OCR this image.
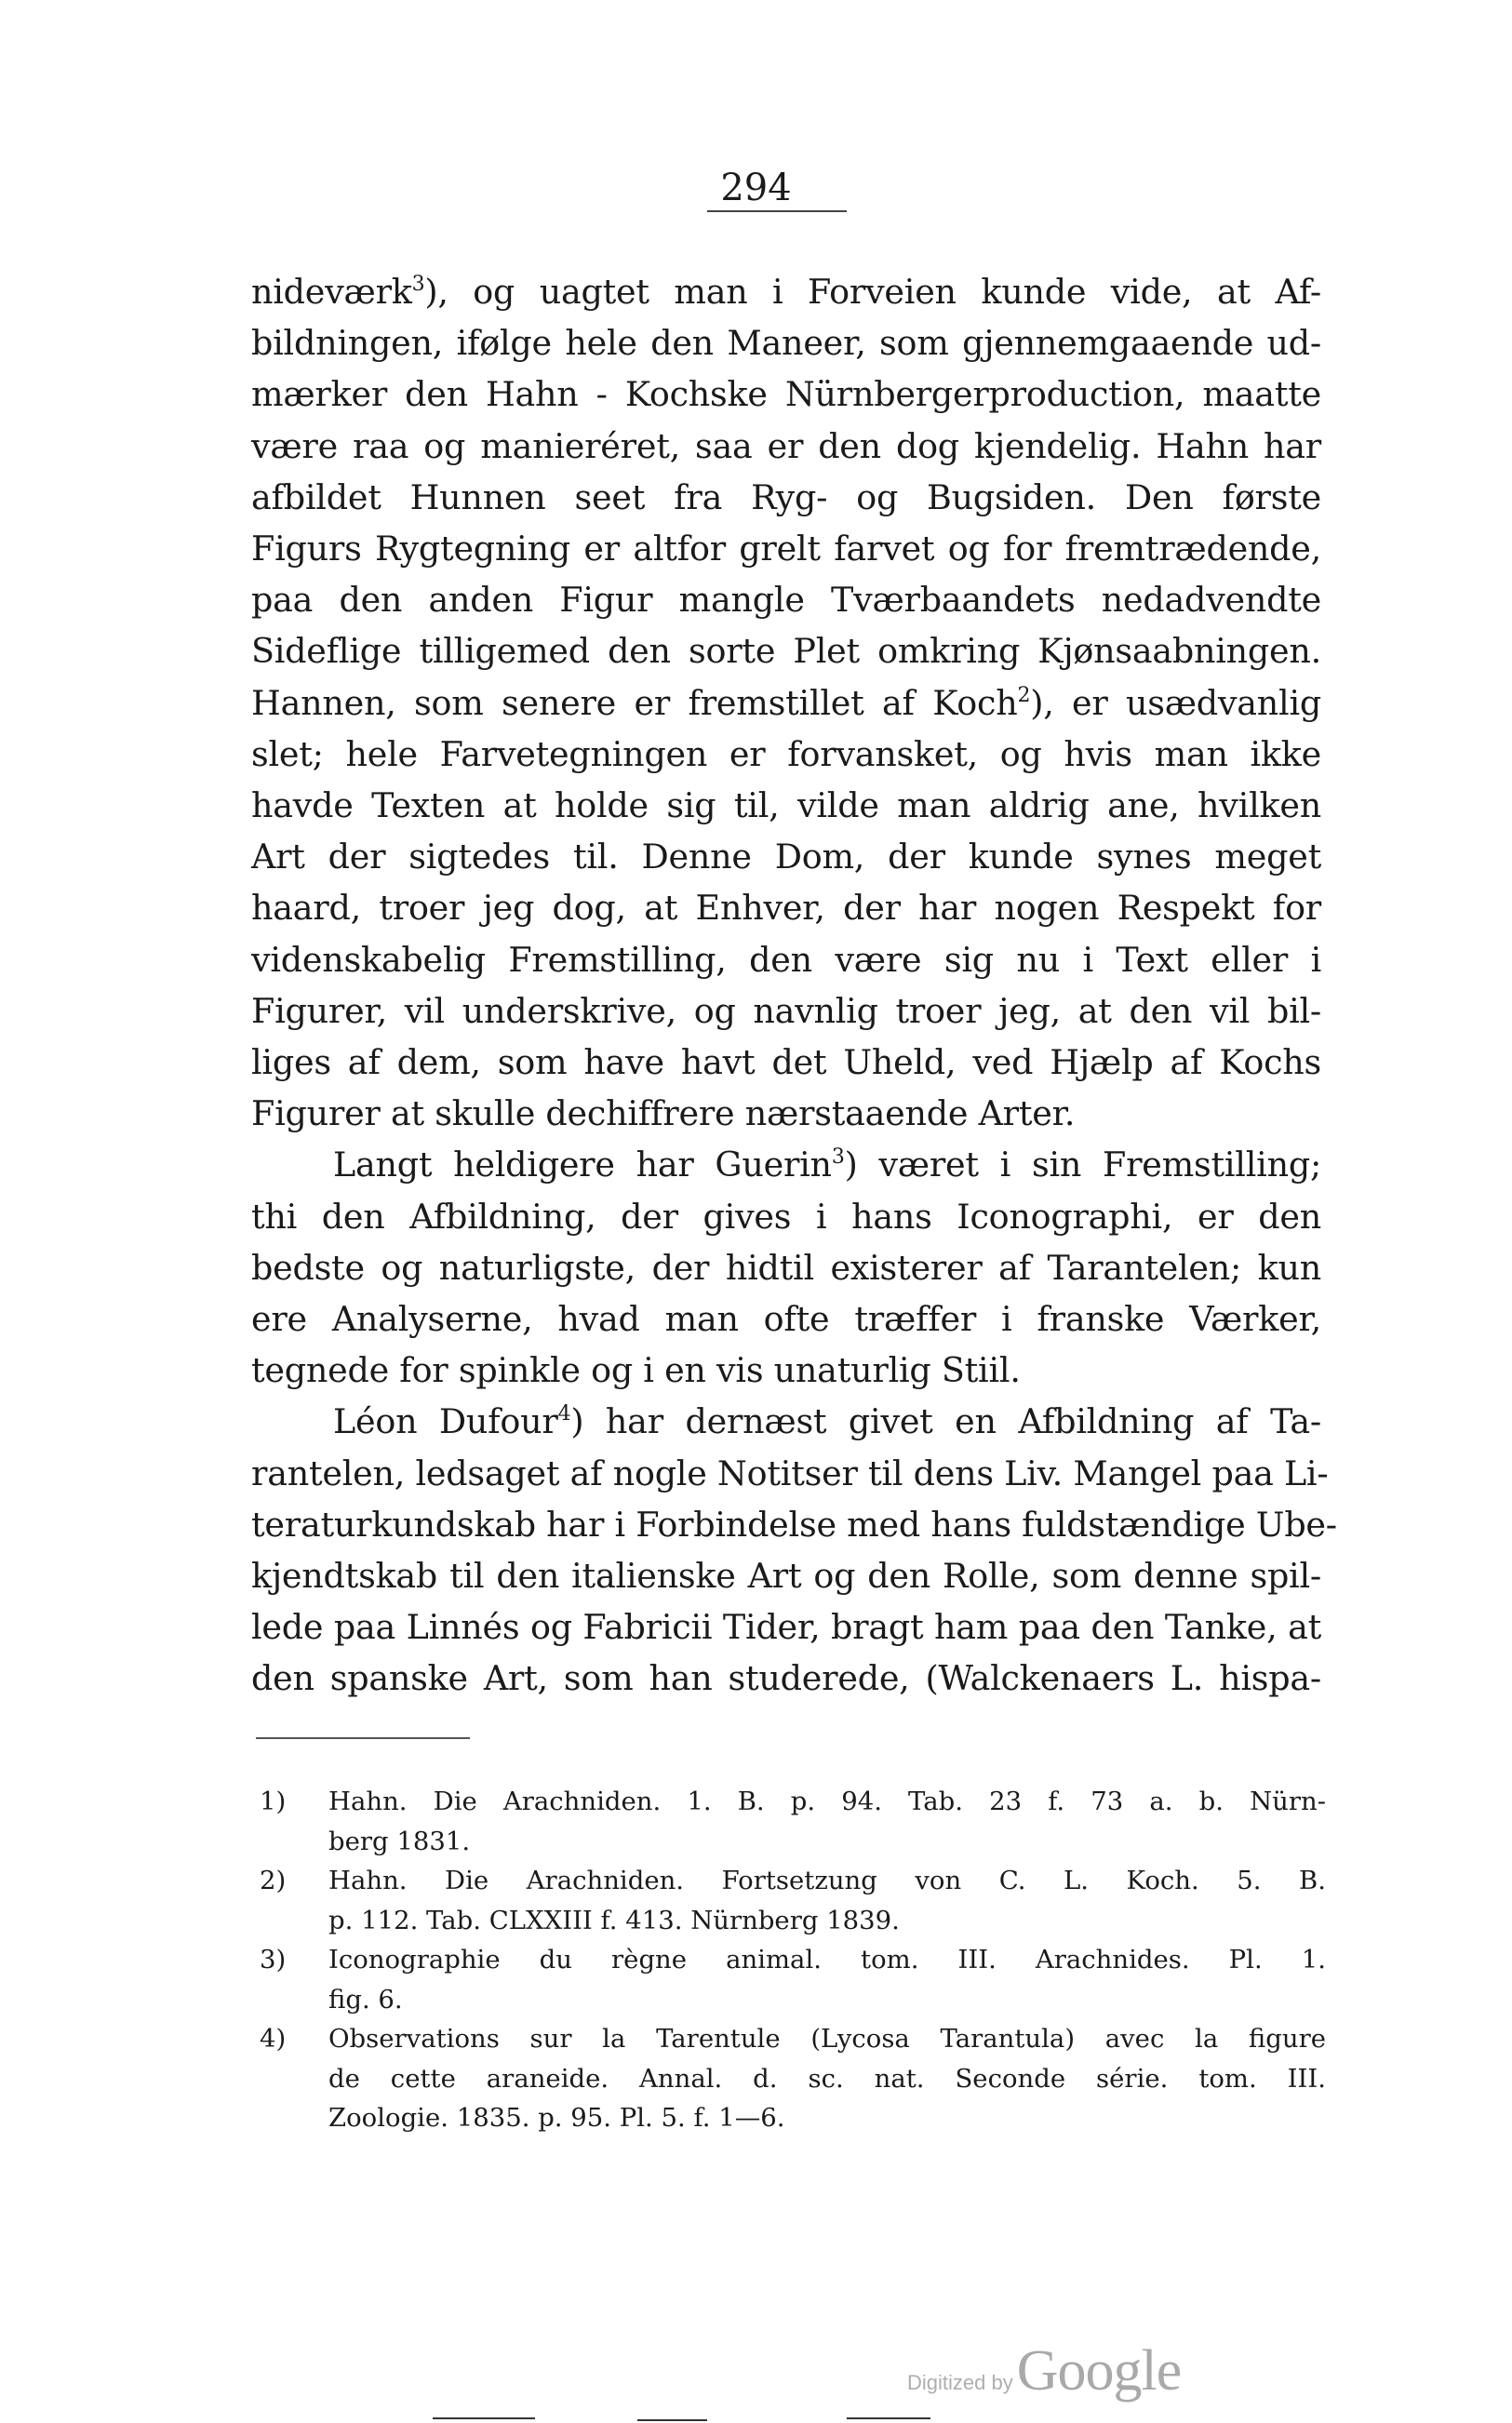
294
nideværk$^3$), og uagtet man i Forveien kunde vide, at Af-
bildningen, ifølge hele den Maneer, som gjennemgaaende ud-
mærker den Hahn - Kochske Nürnbergerproduction, maatte
være raa og manieréret, saa er den dog kjendelig. Hahn har
afbildet Hunnen seet fra Ryg- og Bugsiden. Den første
Figurs Rygtegning er altfor grelt farvet og for fremtrædende,
paa den anden Figur mangle Tværbaandets nedadvendte
Sideflige tilligemed den sorte Plet omkring Kjønsaabningen.
Hannen, som senere er fremstillet af Koch$^2$), er usædvanlig
slet; hele Farvetegningen er forvansket, og hvis man ikke
havde Texten at holde sig til, vilde man aldrig ane, hvilken
Art der sigtedes til. Denne Dom, der kunde synes meget
haard, troer jeg dog, at Enhver, der har nogen Respekt for
videnskabelig Fremstilling, den være sig nu i Text eller i
Figurer, vil underskrive, og navnlig troer jeg, at den vil bil-
liges af dem, som have havt det Uheld, ved Hjælp af Kochs
Figurer at skulle dechiffrere nærstaaende Arter.
Langt heldigere har Guerin$^3$) været i sin Fremstilling;
thi den Afbildning, der gives i hans Iconographi, er den
bedste og naturligste, der hidtil existerer af Tarantelen; kun
ere Analyserne, hvad man ofte træffer i franske Værker,
tegnede for spinkle og i en vis unaturlig Stiil.
Léon Dufour$^4$) har dernæst givet en Afbildning af Ta-
rantelen, ledsaget af nogle Notitser til dens Liv. Mangel paa Li-
teraturkundskab har i Forbindelse med hans fuldstændige Ube-
kjendtskab til den italienske Art og den Rolle, som denne spil-
lede paa Linnés og Fabricii Tider, bragt ham paa den Tanke, at
den spanske Art, som han studerede, (Walckenaers L. hispa-
1) Hahn. Die Arachniden. 1. B. p. 94. Tab. 23 f. 73 a. b. Nürn-
berg 1831.
2) Hahn. Die Arachniden. Fortsetzung von C. L. Koch. 5. B.
p. 112. Tab. CLXXIII f. 413. Nürnberg 1839.
3) Iconographie du règne animal. tom. III. Arachnides. Pl. 1.
fig. 6.
4) Observations sur la Tarentule (Lycosa Tarantula) avec la figure
de cette araneide. Annal. d. sc. nat. Seconde série. tom. III.
Zoologie. 1835. p. 95. Pl. 5. f. 1—6.
Digitized by Google
